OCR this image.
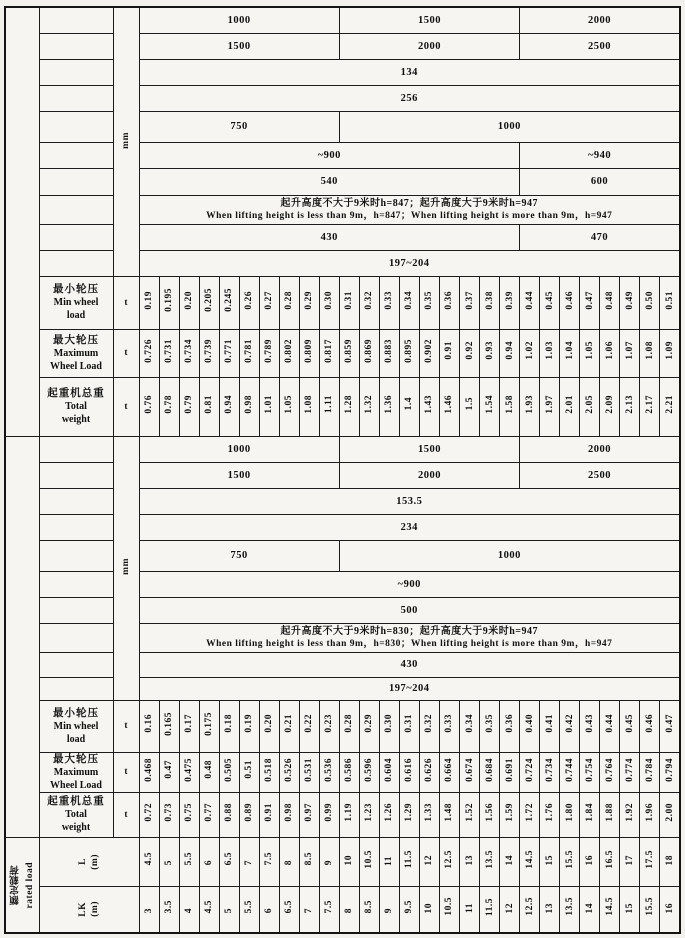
		mm	1000										1500									2000							
			1500										2000									2500							
			134																										
			256																										
			750										1000																
			~900																			~940							
			540																			600							

			起升高度不大于9米时h=847；起升高度大于9米时h=947
When lifting height is less than 9m，h=847；When lifting height is more than 9m，h=947																										

			430																			470							
			197~204																										

	最小轮压
Min wheel
load	t	0.19	0.195	0.20	0.205	0.245	0.26	0.27	0.28	0.29	0.30	0.31	0.32	0.33	0.34	0.35	0.36	0.37	0.38	0.39	0.44	0.45	0.46	0.47	0.48	0.49	0.50	0.51

	最大轮压
Maximum
Wheel Load	t	0.726	0.731	0.734	0.739	0.771	0.781	0.789	0.802	0.809	0.817	0.859	0.869	0.883	0.895	0.902	0.91	0.92	0.93	0.94	1.02	1.03	1.04	1.05	1.06	1.07	1.08	1.09

	起重机总重
Total
weight	t	0.76	0.78	0.79	0.81	0.94	0.98	1.01	1.05	1.08	1.11	1.28	1.32	1.36	1.4	1.43	1.46	1.5	1.54	1.58	1.93	1.97	2.01	2.05	2.09	2.13	2.17	2.21
		mm	1000										1500									2000							
			1500										2000									2500							
			153.5																										
			234																										
			750										1000																
			~900																										
			500																										

			起升高度不大于9米时h=830；起升高度大于9米时h=947
When lifting height is less than 9m，h=830；When lifting height is more than 9m，h=947																										

			430																										
			197~204																										

	最小轮压
Min wheel
load	t	0.16	0.165	0.17	0.175	0.18	0.19	0.20	0.21	0.22	0.23	0.28	0.29	0.30	0.31	0.32	0.33	0.34	0.35	0.36	0.40	0.41	0.42	0.43	0.44	0.45	0.46	0.47

	最大轮压
Maximum
Wheel Load	t	0.468	0.47	0.475	0.48	0.505	0.51	0.518	0.526	0.531	0.536	0.586	0.596	0.604	0.616	0.626	0.664	0.674	0.684	0.691	0.724	0.734	0.744	0.754	0.764	0.774	0.784	0.794

	起重机总重
Total
weight	t	0.72	0.73	0.75	0.77	0.88	0.89	0.91	0.98	0.97	0.99	1.19	1.23	1.26	1.29	1.33	1.48	1.52	1.56	1.59	1.72	1.76	1.80	1.84	1.88	1.92	1.96	2.00

额定载荷 rated load	L (m)		4.5	5	5.5	6	6.5	7	7.5	8	8.5	9	10	10.5	11	11.5	12	12.5	13	13.5	14	14.5	15	15.5	16	16.5	17	17.5	18

	LK (m)		3	3.5	4	4.5	5	5.5	6	6.5	7	7.5	8	8.5	9	9.5	10	10.5	11	11.5	12	12.5	13	13.5	14	14.5	15	15.5	16
